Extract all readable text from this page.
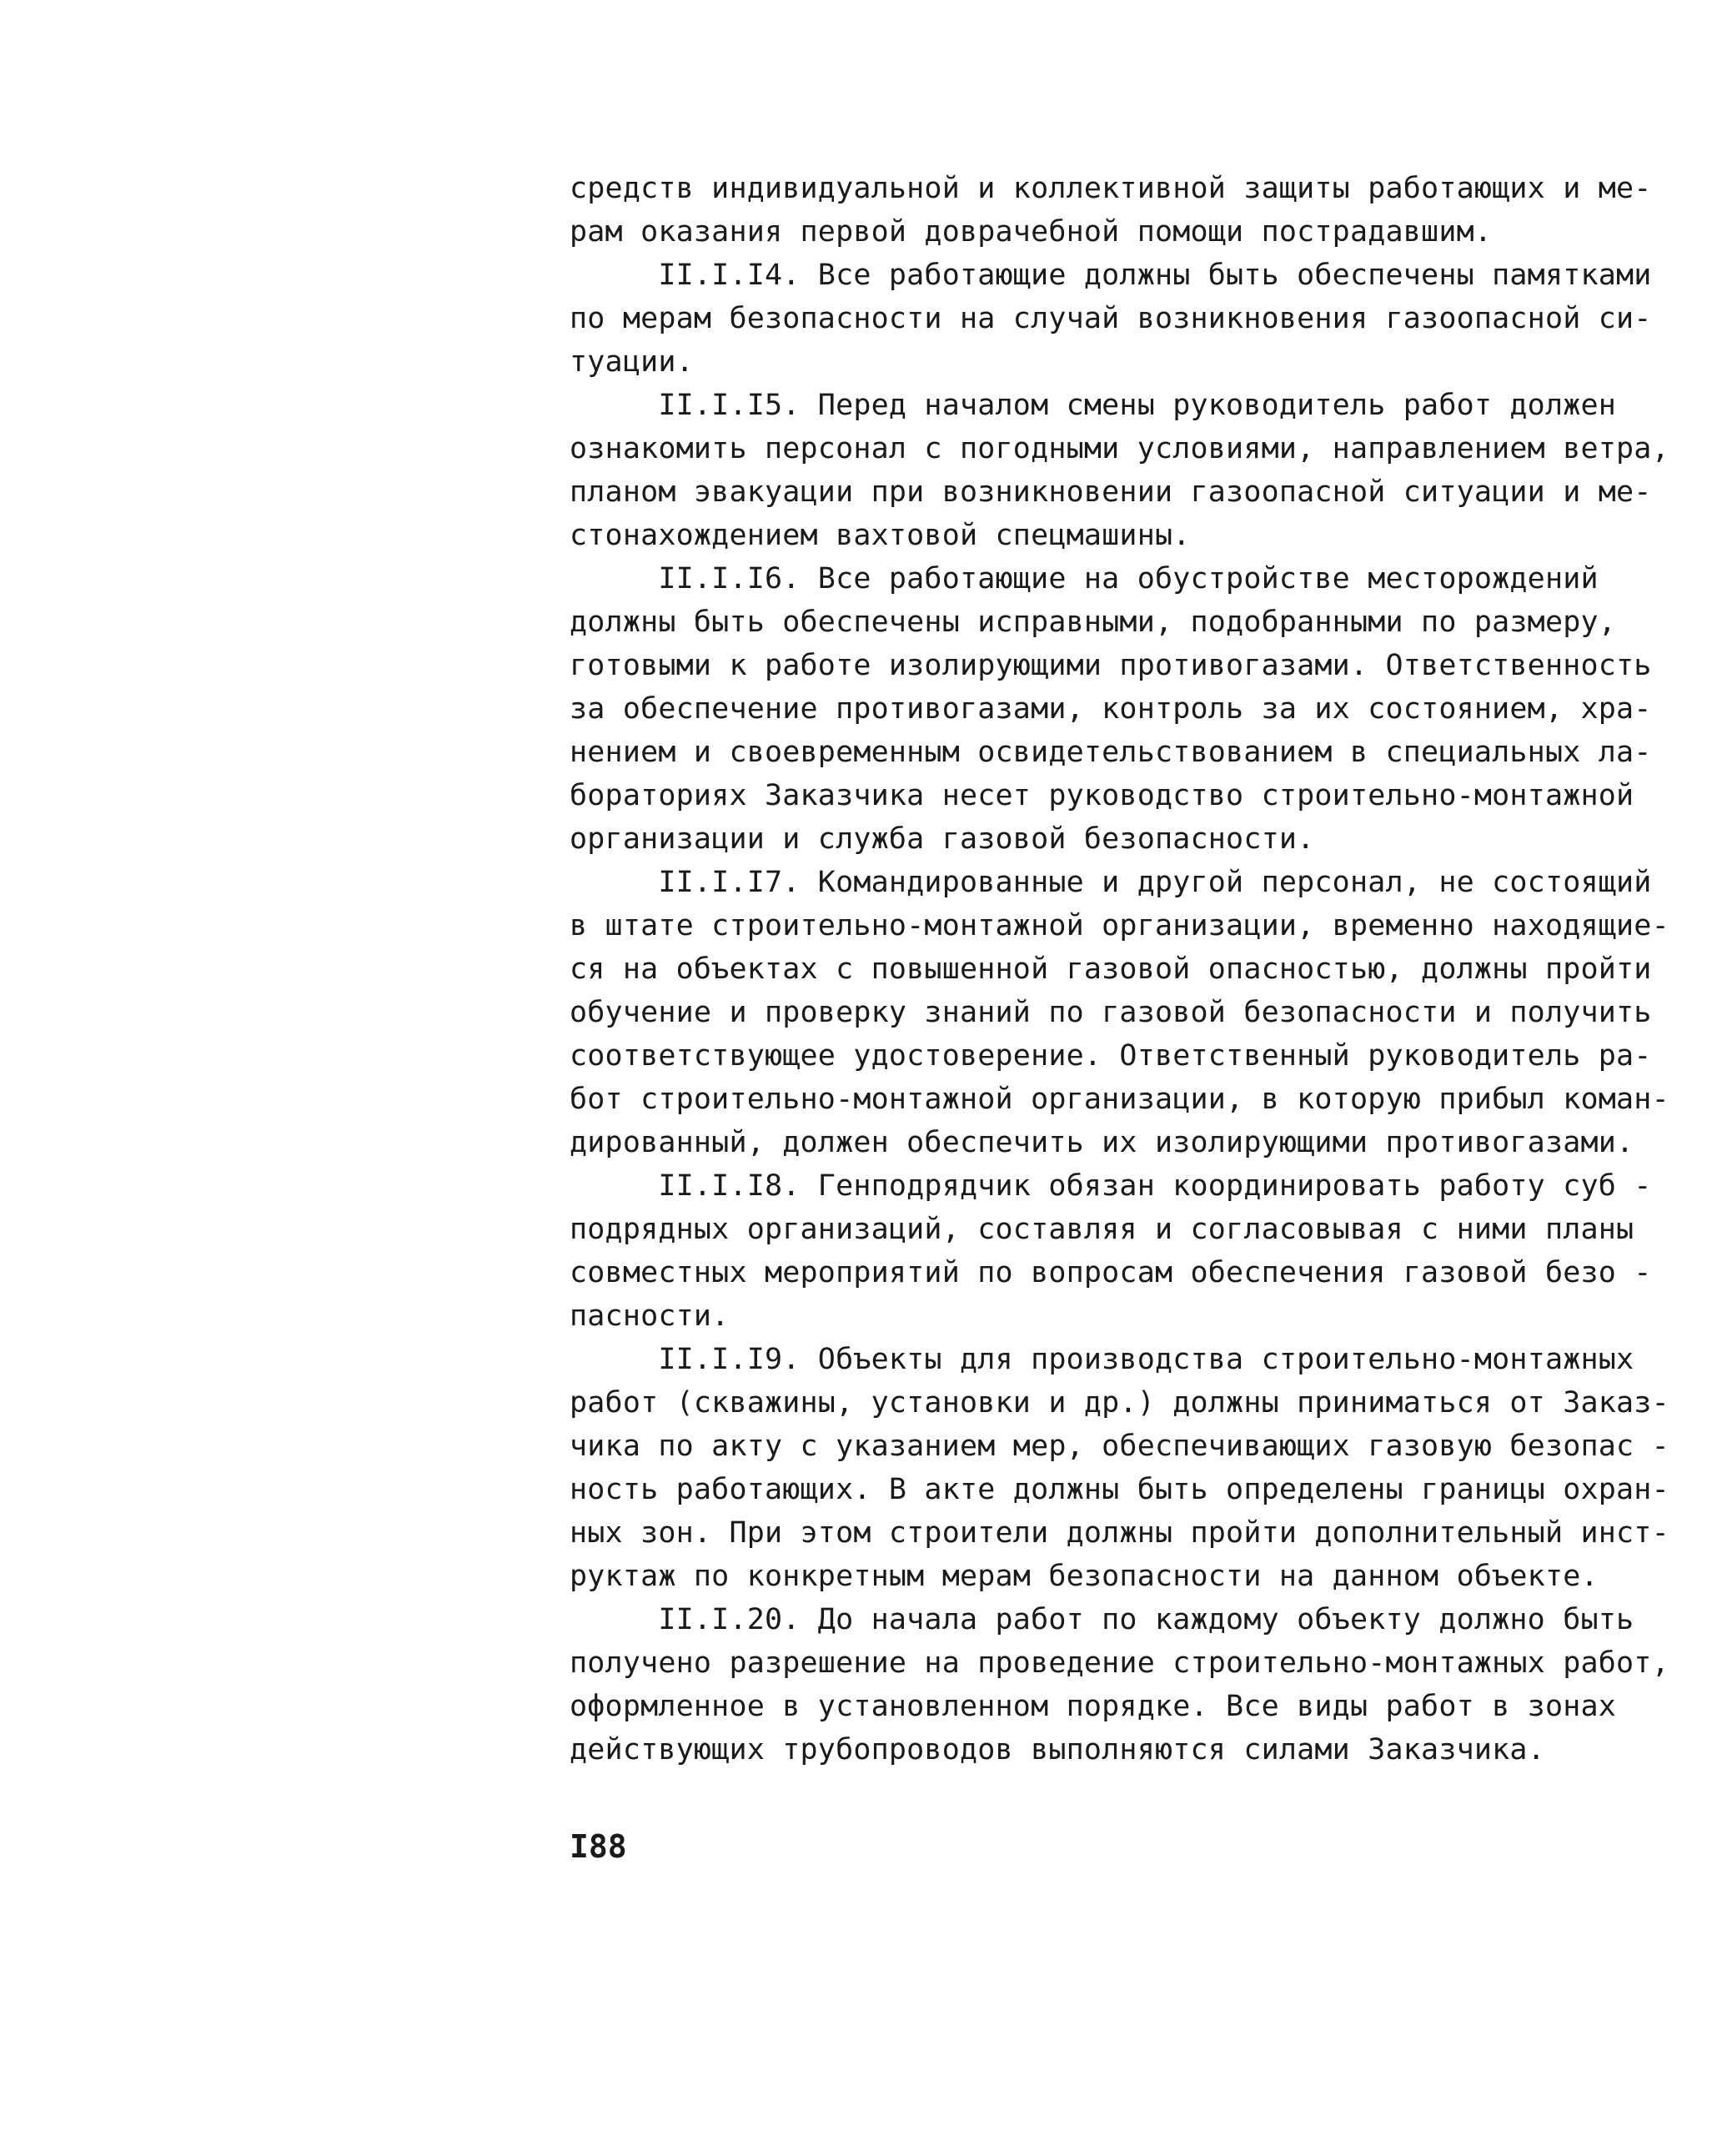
средств индивидуальной и коллективной защиты работающих и ме-
рам оказания первой доврачебной помощи пострадавшим.
II.I.I4. Все работающие должны быть обеспечены памятками
по мерам безопасности на случай возникновения газоопасной си-
туации.
II.I.I5. Перед началом смены руководитель работ должен
ознакомить персонал с погодными условиями, направлением ветра,
планом эвакуации при возникновении газоопасной ситуации и ме-
стонахождением вахтовой спецмашины.
II.I.I6. Все работающие на обустройстве месторождений
должны быть обеспечены исправными, подобранными по размеру,
готовыми к работе изолирующими противогазами. Ответственность
за обеспечение противогазами, контроль за их состоянием, хра-
нением и своевременным освидетельствованием в специальных ла-
бораториях Заказчика несет руководство строительно-монтажной
организации и служба газовой безопасности.
II.I.I7. Командированные и другой персонал, не состоящий
в штате строительно-монтажной организации, временно находящие-
ся на объектах с повышенной газовой опасностью, должны пройти
обучение и проверку знаний по газовой безопасности и получить
соответствующее удостоверение. Ответственный руководитель ра-
бот строительно-монтажной организации, в которую прибыл коман-
дированный, должен обеспечить их изолирующими противогазами.
II.I.I8. Генподрядчик обязан координировать работу суб -
подрядных организаций, составляя и согласовывая с ними планы
совместных мероприятий по вопросам обеспечения газовой безо -
пасности.
II.I.I9. Объекты для производства строительно-монтажных
работ (скважины, установки и др.) должны приниматься от Заказ-
чика по акту с указанием мер, обеспечивающих газовую безопас -
ность работающих. В акте должны быть определены границы охран-
ных зон. При этом строители должны пройти дополнительный инст-
руктаж по конкретным мерам безопасности на данном объекте.
II.I.20. До начала работ по каждому объекту должно быть
получено разрешение на проведение строительно-монтажных работ,
оформленное в установленном порядке. Все виды работ в зонах
действующих трубопроводов выполняются силами Заказчика.
I88
